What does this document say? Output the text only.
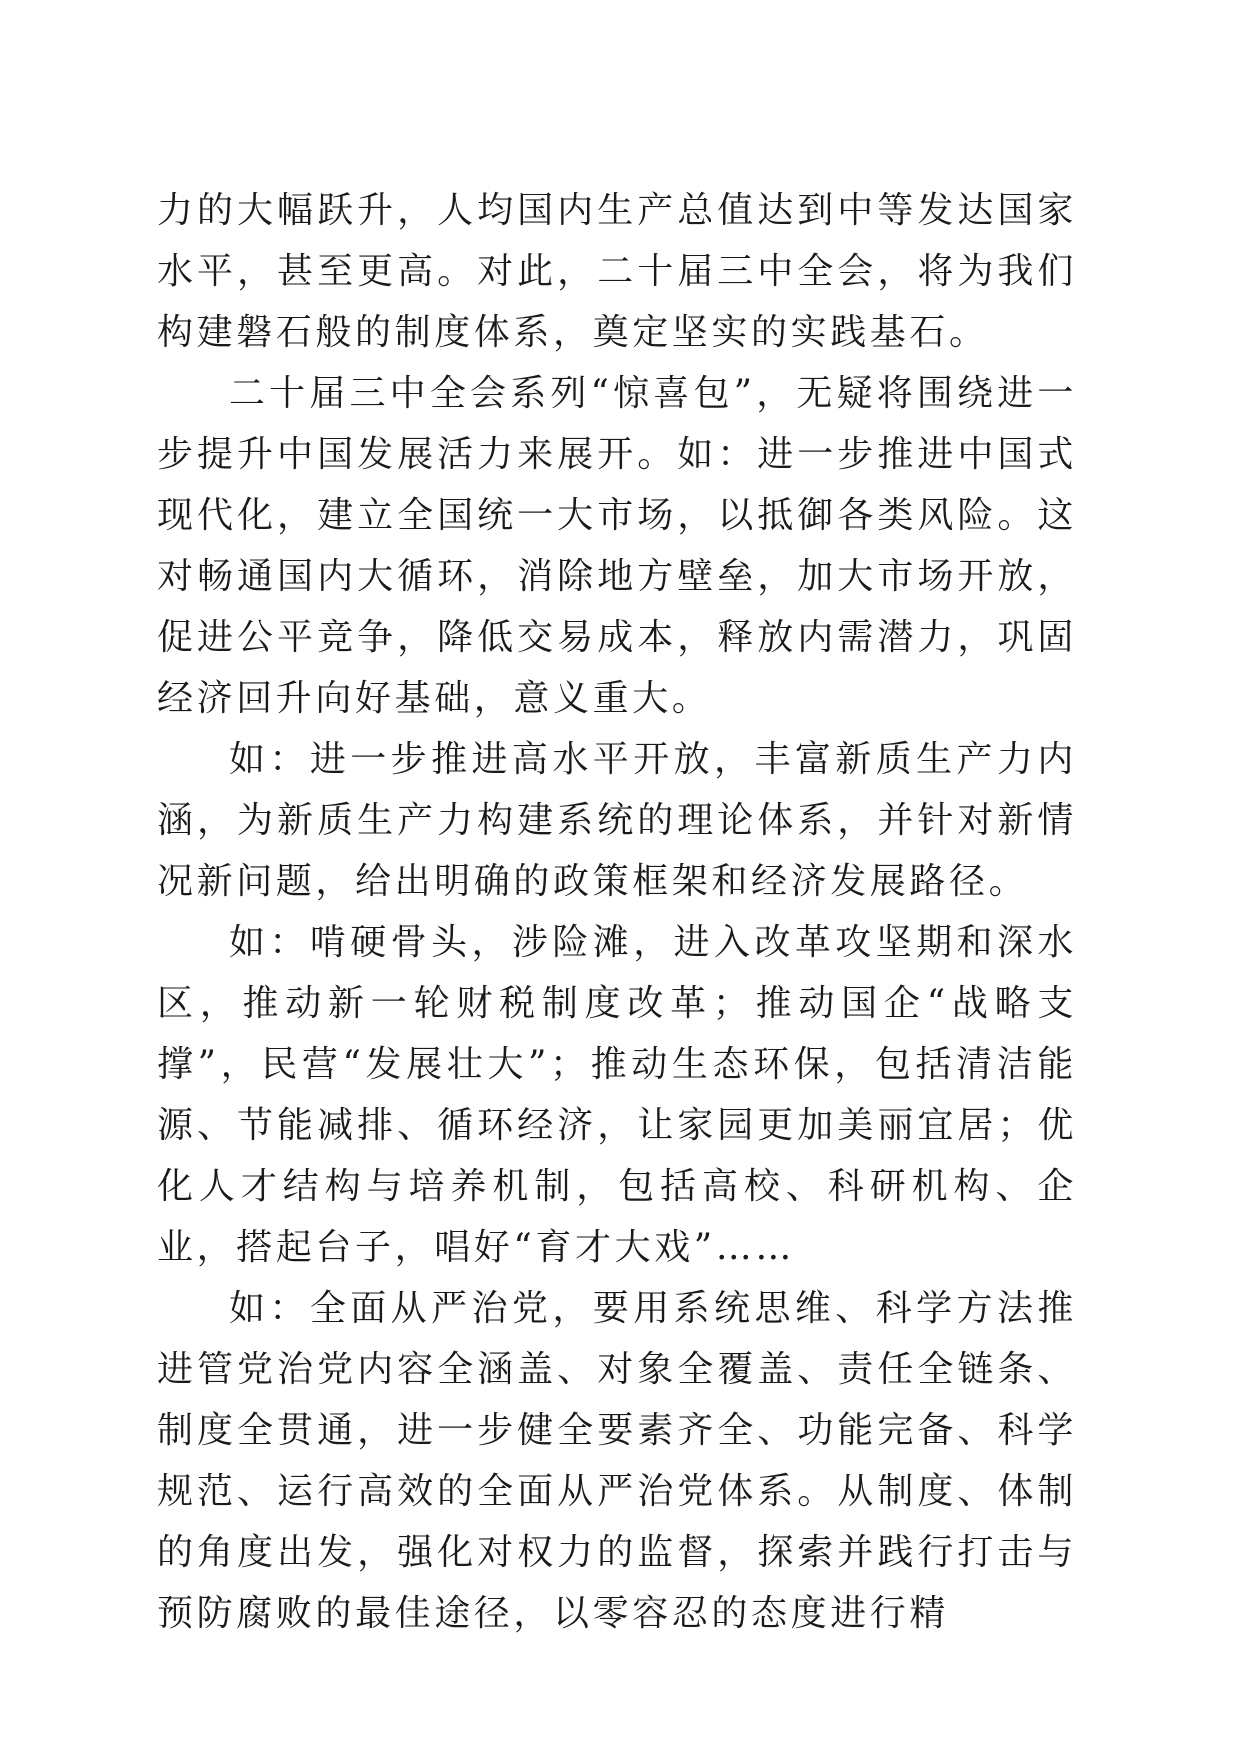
力的大幅跃升，人均国内生产总值达到中等发达国家水平，甚至更高。对此，二十届三中全会，将为我们构建磐石般的制度体系，奠定坚实的实践基石。

二十届三中全会系列“惊喜包”，无疑将围绕进一步提升中国发展活力来展开。如：进一步推进中国式现代化，建立全国统一大市场，以抵御各类风险。这对畅通国内大循环，消除地方壁垒，加大市场开放，促进公平竞争，降低交易成本，释放内需潜力，巩固经济回升向好基础，意义重大。

如：进一步推进高水平开放，丰富新质生产力内涵，为新质生产力构建系统的理论体系，并针对新情况新问题，给出明确的政策框架和经济发展路径。

如：啃硬骨头，涉险滩，进入改革攻坚期和深水区，推动新一轮财税制度改革；推动国企“战略支撑”，民营“发展壮大”；推动生态环保，包括清洁能源、节能减排、循环经济，让家园更加美丽宜居；优化人才结构与培养机制，包括高校、科研机构、企业，搭起台子，唱好“育才大戏”……

如：全面从严治党，要用系统思维、科学方法推进管党治党内容全涵盖、对象全覆盖、责任全链条、制度全贯通，进一步健全要素齐全、功能完备、科学规范、运行高效的全面从严治党体系。从制度、体制的角度出发，强化对权力的监督，探索并践行打击与预防腐败的最佳途径，以零容忍的态度进行精
